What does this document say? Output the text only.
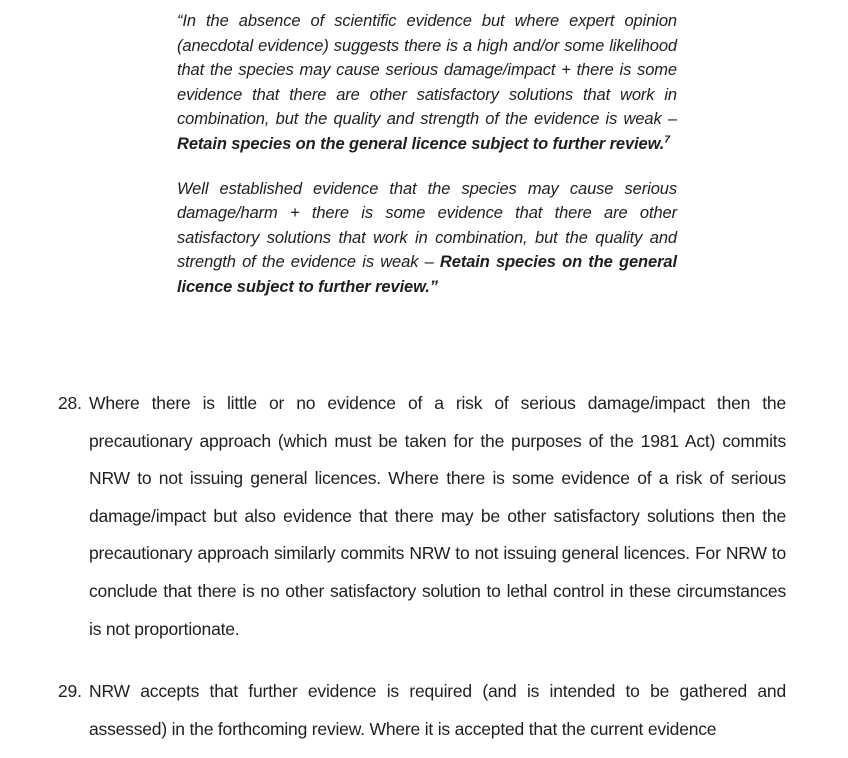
“In the absence of scientific evidence but where expert opinion (anecdotal evidence) suggests there is a high and/or some likelihood that the species may cause serious damage/impact + there is some evidence that there are other satisfactory solutions that work in combination, but the quality and strength of the evidence is weak – Retain species on the general licence subject to further review.$^7$
Well established evidence that the species may cause serious damage/harm + there is some evidence that there are other satisfactory solutions that work in combination, but the quality and strength of the evidence is weak – Retain species on the general licence subject to further review.”
28. Where there is little or no evidence of a risk of serious damage/impact then the precautionary approach (which must be taken for the purposes of the 1981 Act) commits NRW to not issuing general licences. Where there is some evidence of a risk of serious damage/impact but also evidence that there may be other satisfactory solutions then the precautionary approach similarly commits NRW to not issuing general licences. For NRW to conclude that there is no other satisfactory solution to lethal control in these circumstances is not proportionate.
29. NRW accepts that further evidence is required (and is intended to be gathered and assessed) in the forthcoming review. Where it is accepted that the current evidence
